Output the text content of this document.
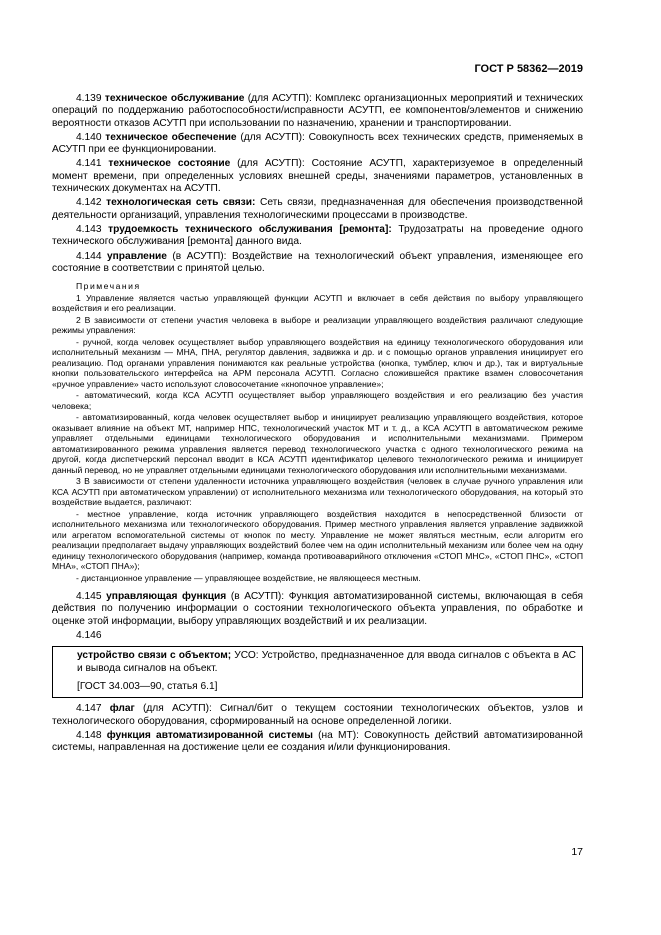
ГОСТ Р 58362—2019

4.139 техническое обслуживание (для АСУТП): Комплекс организационных мероприятий и технических операций по поддержанию работоспособности/исправности АСУТП, ее компонентов/элементов и снижению вероятности отказов АСУТП при использовании по назначению, хранении и транспортировании.

4.140 техническое обеспечение (для АСУТП): Совокупность всех технических средств, применяемых в АСУТП при ее функционировании.

4.141 техническое состояние (для АСУТП): Состояние АСУТП, характеризуемое в определенный момент времени, при определенных условиях внешней среды, значениями параметров, установленных в технических документах на АСУТП.

4.142 технологическая сеть связи: Сеть связи, предназначенная для обеспечения производственной деятельности организаций, управления технологическими процессами в производстве.

4.143 трудоемкость технического обслуживания [ремонта]: Трудозатраты на проведение одного технического обслуживания [ремонта] данного вида.

4.144 управление (в АСУТП): Воздействие на технологический объект управления, изменяющее его состояние в соответствии с принятой целью.

Примечания

1 Управление является частью управляющей функции АСУТП и включает в себя действия по выбору управляющего воздействия и его реализации.

2 В зависимости от степени участия человека в выборе и реализации управляющего воздействия различают следующие режимы управления:

- ручной, когда человек осуществляет выбор управляющего воздействия на единицу технологического оборудования или исполнительный механизм — МНА, ПНА, регулятор давления, задвижка и др. и с помощью органов управления инициирует его реализацию. Под органами управления понимаются как реальные устройства (кнопка, тумблер, ключ и др.), так и виртуальные кнопки пользовательского интерфейса на АРМ персонала АСУТП. Согласно сложившейся практике взамен словосочетания «ручное управление» часто используют словосочетание «кнопочное управление»;

- автоматический, когда КСА АСУТП осуществляет выбор управляющего воздействия и его реализацию без участия человека;

- автоматизированный, когда человек осуществляет выбор и инициирует реализацию управляющего воздействия, которое оказывает влияние на объект МТ, например НПС, технологический участок МТ и т. д., а КСА АСУТП в автоматическом режиме управляет отдельными единицами технологического оборудования и исполнительными механизмами. Примером автоматизированного режима управления является перевод технологического участка с одного технологического режима на другой, когда диспетчерский персонал вводит в КСА АСУТП идентификатор целевого технологического режима и инициирует данный перевод, но не управляет отдельными единицами технологического оборудования или исполнительными механизмами.

3 В зависимости от степени удаленности источника управляющего воздействия (человек в случае ручного управления или КСА АСУТП при автоматическом управлении) от исполнительного механизма или технологического оборудования, на который это воздействие выдается, различают:

- местное управление, когда источник управляющего воздействия находится в непосредственной близости от исполнительного механизма или технологического оборудования. Пример местного управления является управление задвижкой или агрегатом вспомогательной системы от кнопок по месту. Управление не может являться местным, если алгоритм его реализации предполагает выдачу управляющих воздействий более чем на один исполнительный механизм или более чем на одну единицу технологического оборудования (например, команда противоаварийного отключения «СТОП МНС», «СТОП ПНС», «СТОП МНА», «СТОП ПНА»);

- дистанционное управление — управляющее воздействие, не являющееся местным.

4.145 управляющая функция (в АСУТП): Функция автоматизированной системы, включающая в себя действия по получению информации о состоянии технологического объекта управления, по обработке и оценке этой информации, выбору управляющих воздействий и их реализации.

4.146

устройство связи с объектом; УСО: Устройство, предназначенное для ввода сигналов с объекта в АС и вывода сигналов на объект.
[ГОСТ 34.003—90, статья 6.1]

4.147 флаг (для АСУТП): Сигнал/бит о текущем состоянии технологических объектов, узлов и технологического оборудования, сформированный на основе определенной логики.

4.148 функция автоматизированной системы (на МТ): Совокупность действий автоматизированной системы, направленная на достижение цели ее создания и/или функционирования.

17
